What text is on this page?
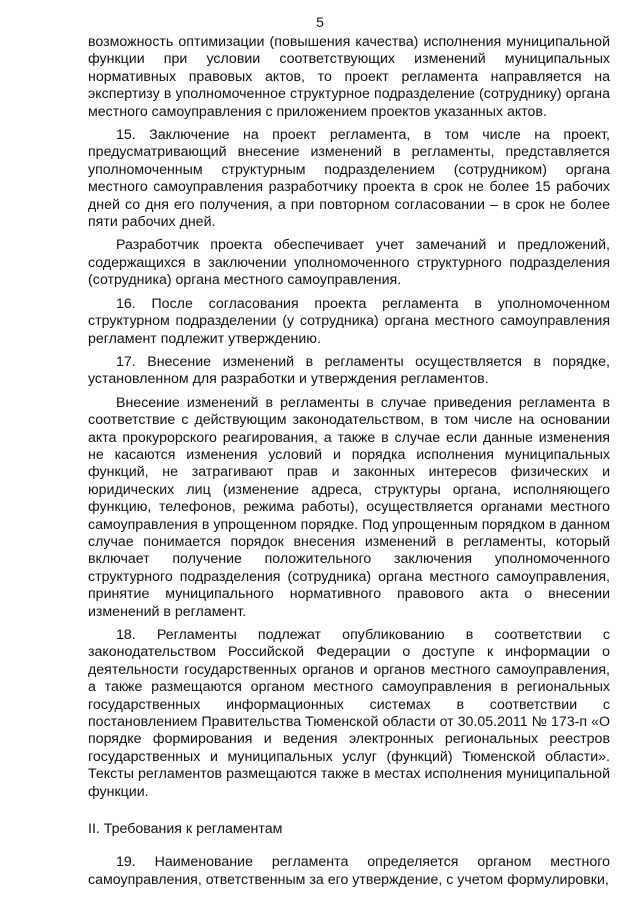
5

возможность оптимизации (повышения качества) исполнения муниципальной функции при условии соответствующих изменений муниципальных нормативных правовых актов, то проект регламента направляется на экспертизу в уполномоченное структурное подразделение (сотруднику) органа местного самоуправления с приложением проектов указанных актов.

15. Заключение на проект регламента, в том числе на проект, предусматривающий внесение изменений в регламенты, представляется уполномоченным структурным подразделением (сотрудником) органа местного самоуправления разработчику проекта в срок не более 15 рабочих дней со дня его получения, а при повторном согласовании – в срок не более пяти рабочих дней.

Разработчик проекта обеспечивает учет замечаний и предложений, содержащихся в заключении уполномоченного структурного подразделения (сотрудника) органа местного самоуправления.

16. После согласования проекта регламента в уполномоченном структурном подразделении (у сотрудника) органа местного самоуправления регламент подлежит утверждению.

17. Внесение изменений в регламенты осуществляется в порядке, установленном для разработки и утверждения регламентов.

Внесение изменений в регламенты в случае приведения регламента в соответствие с действующим законодательством, в том числе на основании акта прокурорского реагирования, а также в случае если данные изменения не касаются изменения условий и порядка исполнения муниципальных функций, не затрагивают прав и законных интересов физических и юридических лиц (изменение адреса, структуры органа, исполняющего функцию, телефонов, режима работы), осуществляется органами местного самоуправления в упрощенном порядке. Под упрощенным порядком в данном случае понимается порядок внесения изменений в регламенты, который включает получение положительного заключения уполномоченного структурного подразделения (сотрудника) органа местного самоуправления, принятие муниципального нормативного правового акта о внесении изменений в регламент.

18. Регламенты подлежат опубликованию в соответствии с законодательством Российской Федерации о доступе к информации о деятельности государственных органов и органов местного самоуправления, а также размещаются органом местного самоуправления в региональных государственных информационных системах в соответствии с постановлением Правительства Тюменской области от 30.05.2011 № 173-п «О порядке формирования и ведения электронных региональных реестров государственных и муниципальных услуг (функций) Тюменской области». Тексты регламентов размещаются также в местах исполнения муниципальной функции.

II. Требования к регламентам

19. Наименование регламента определяется органом местного самоуправления, ответственным за его утверждение, с учетом формулировки,
